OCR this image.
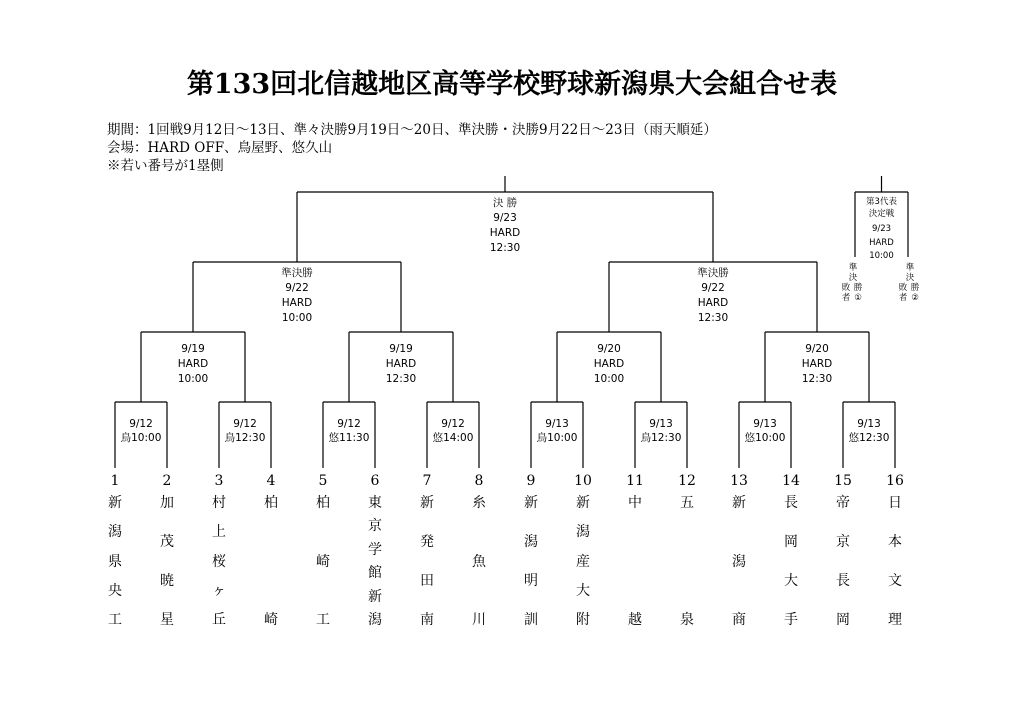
第133回北信越地区高等学校野球新潟県大会組合せ表
期間：1回戦9月12日～13日、準々決勝9月19日～20日、準決勝・決勝9月22日～23日（雨天順延）
会場：HARD OFF、鳥屋野、悠久山
※若い番号が1塁側
9/12
鳥10:00
9/12
鳥12:30
9/12
悠11:30
9/12
悠14:00
9/13
鳥10:00
9/13
鳥12:30
9/13
悠10:00
9/13
悠12:30
9/19
HARD
10:00
9/19
HARD
12:30
9/20
HARD
10:00
9/20
HARD
12:30
準決勝
9/22
HARD
10:00
準決勝
9/22
HARD
12:30
決 勝
9/23
HARD
12:30
第3代表
決定戦
9/23
HARD
10:00
準
決
敗 勝
者 ①
準
決
敗 勝
者 ②
1
新
潟
県
央
工
2
加
茂
暁
星
3
村
上
桜
ヶ
丘
4
柏
崎
5
柏
崎
工
6
東
京
学
館
新
潟
7
新
発
田
南
8
糸
魚
川
9
新
潟
明
訓
10
新
潟
産
大
附
11
中
越
12
五
泉
13
新
潟
商
14
長
岡
大
手
15
帝
京
長
岡
16
日
本
文
理
